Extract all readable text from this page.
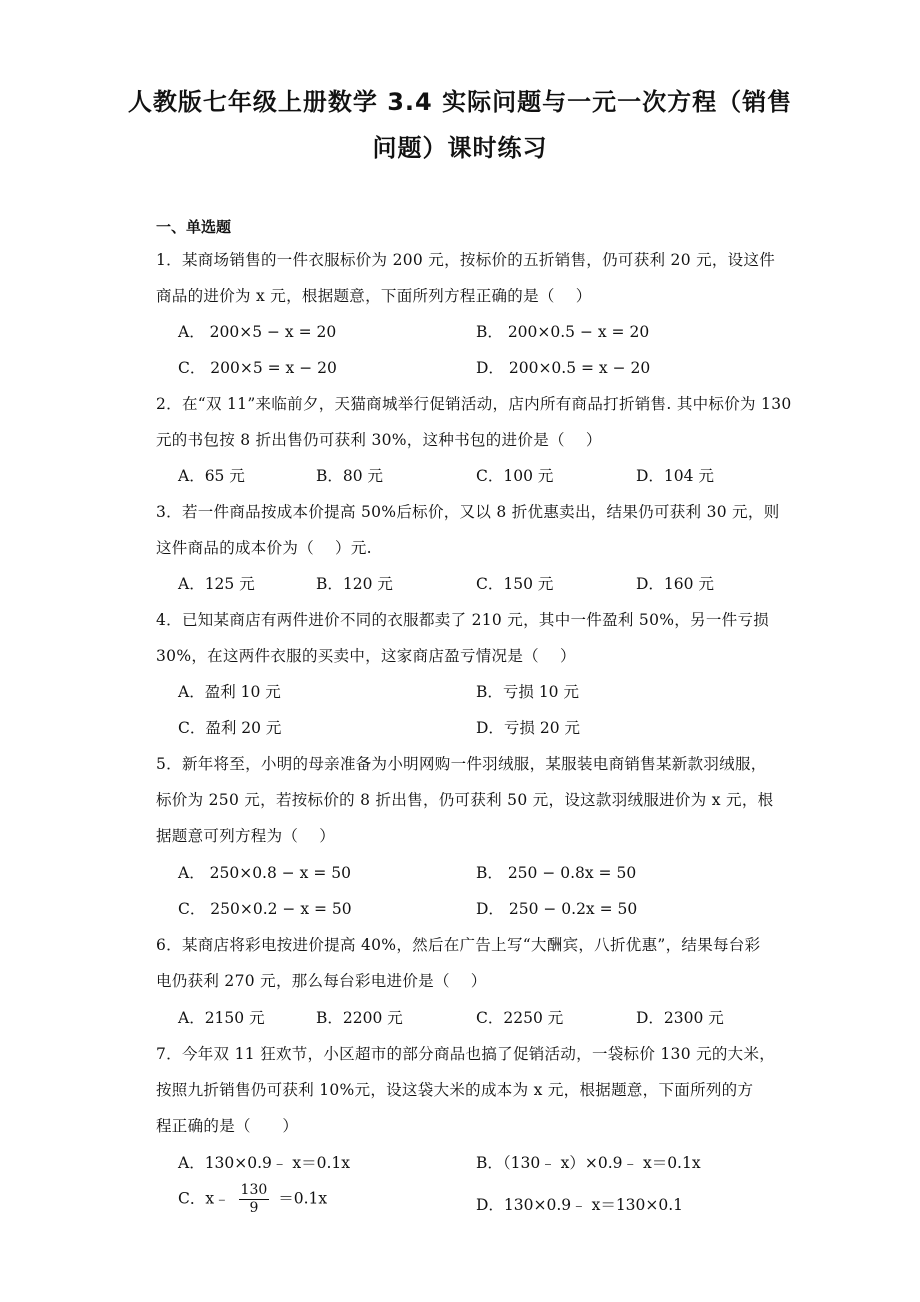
人教版七年级上册数学 3.4 实际问题与一元一次方程（销售
问题）课时练习
一、单选题
1．某商场销售的一件衣服标价为 200 元，按标价的五折销售，仍可获利 20 元，设这件
商品的进价为 x 元，根据题意，下面所列方程正确的是（　 ）
A． 200×5 − x = 20	B． 200×0.5 − x = 20
C． 200×5 = x − 20	D． 200×0.5 = x − 20
2．在“双 11”来临前夕，天猫商城举行促销活动，店内所有商品打折销售. 其中标价为 130
元的书包按 8 折出售仍可获利 30%，这种书包的进价是（　 ）
A．65 元	B．80 元	C．100 元	D．104 元
3．若一件商品按成本价提高 50%后标价，又以 8 折优惠卖出，结果仍可获利 30 元，则
这件商品的成本价为（　 ）元.
A．125 元	B．120 元	C．150 元	D．160 元
4．已知某商店有两件进价不同的衣服都卖了 210 元，其中一件盈利 50%，另一件亏损
30%，在这两件衣服的买卖中，这家商店盈亏情况是（　 ）
A．盈利 10 元	B．亏损 10 元
C．盈利 20 元	D．亏损 20 元
5．新年将至，小明的母亲准备为小明网购一件羽绒服，某服装电商销售某新款羽绒服，
标价为 250 元，若按标价的 8 折出售，仍可获利 50 元，设这款羽绒服进价为 x 元，根
据题意可列方程为（　 ）
A． 250×0.8 − x = 50	B． 250 − 0.8x = 50
C． 250×0.2 − x = 50	D． 250 − 0.2x = 50
6．某商店将彩电按进价提高 40%，然后在广告上写“大酬宾，八折优惠”，结果每台彩
电仍获利 270 元，那么每台彩电进价是（　 ）
A．2150 元	B．2200 元	C．2250 元	D．2300 元
7．今年双 11 狂欢节，小区超市的部分商品也搞了促销活动，一袋标价 130 元的大米，
按照九折销售仍可获利 10%元，设这袋大米的成本为 x 元，根据题意，下面所列的方
程正确的是（　　）
A．130×0.9﹣ x＝0.1x	B．（130﹣ x）×0.9﹣ x＝0.1x
C．x﹣ $\frac{130}{9} =0.1x$	D．130×0.9﹣ x＝130×0.1
